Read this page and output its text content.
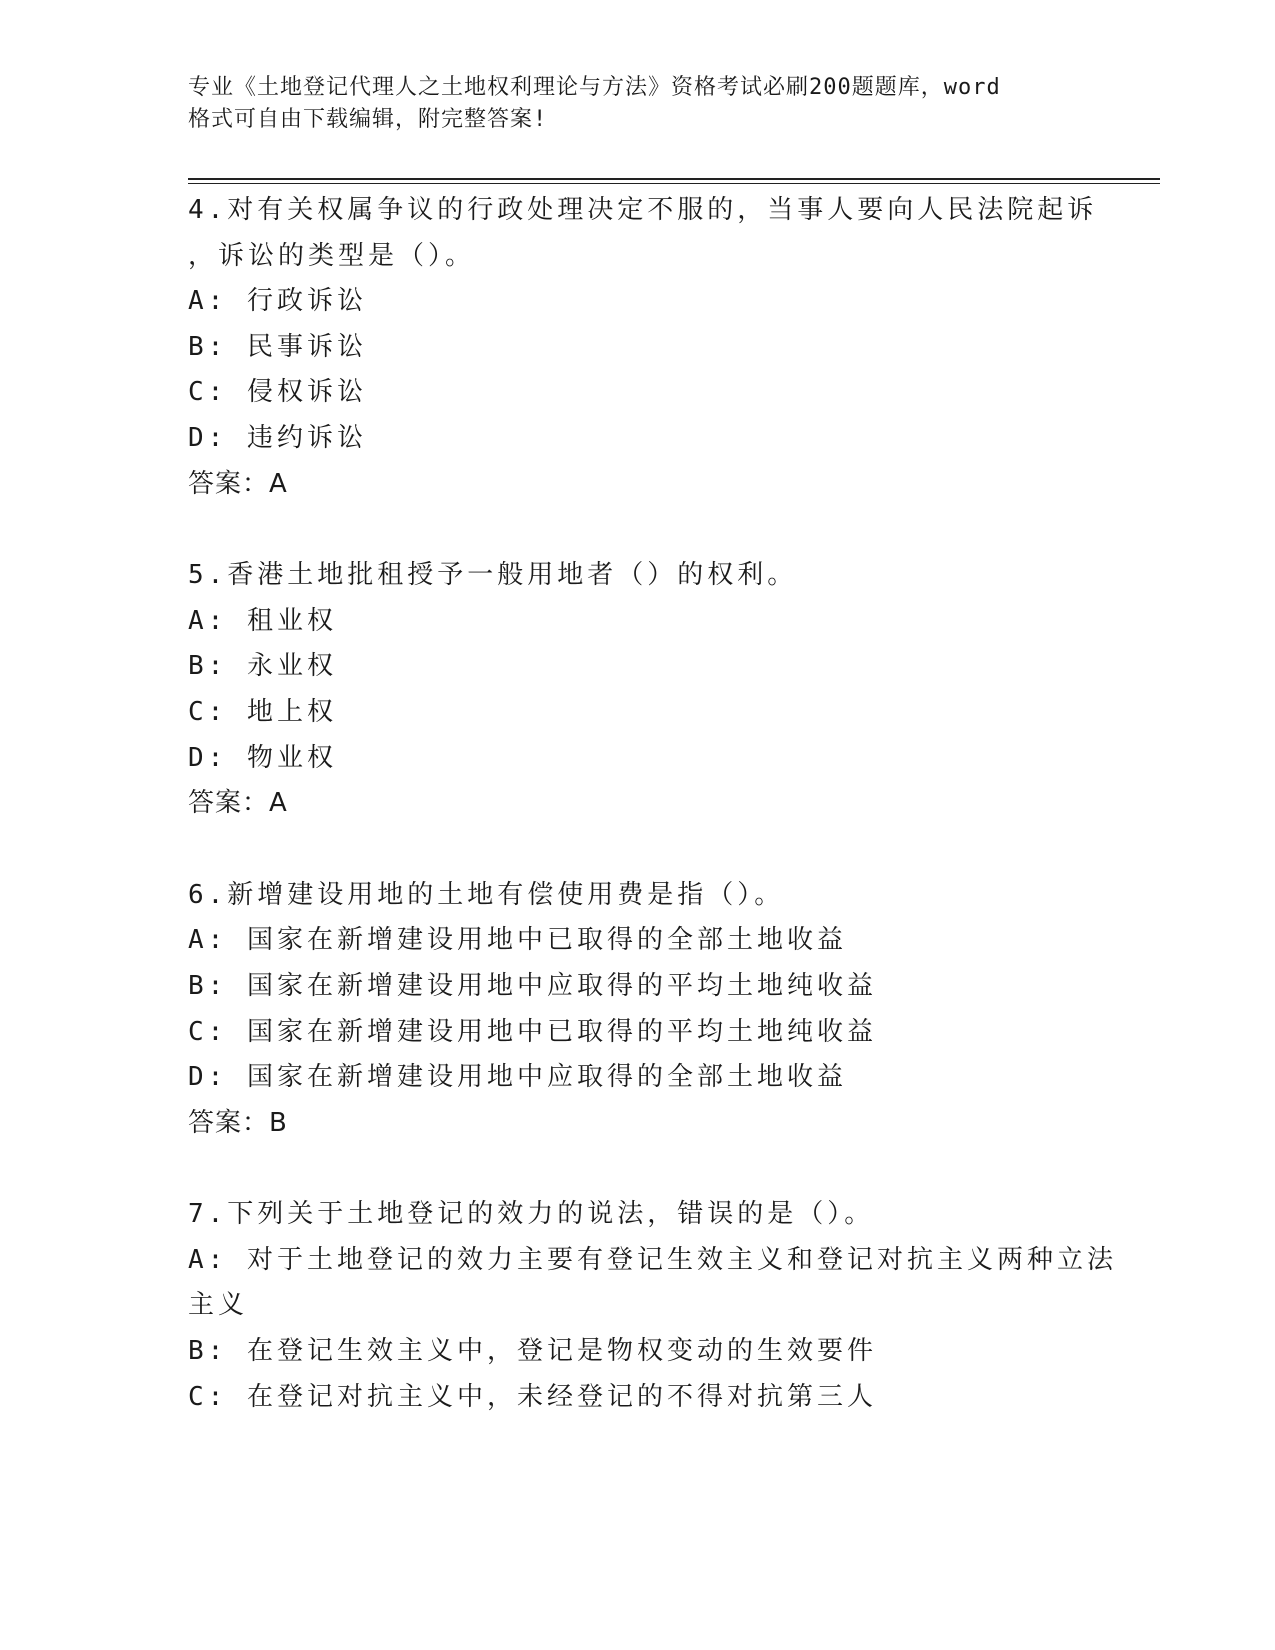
专业《土地登记代理人之土地权利理论与方法》资格考试必刷200题题库，word
格式可自由下载编辑，附完整答案!
4.对有关权属争议的行政处理决定不服的，当事人要向人民法院起诉
，诉讼的类型是（）。
A: 行政诉讼
B: 民事诉讼
C: 侵权诉讼
D: 违约诉讼
答案：A
5.香港土地批租授予一般用地者（）的权利。
A: 租业权
B: 永业权
C: 地上权
D: 物业权
答案：A
6.新增建设用地的土地有偿使用费是指（）。
A: 国家在新增建设用地中已取得的全部土地收益
B: 国家在新增建设用地中应取得的平均土地纯收益
C: 国家在新增建设用地中已取得的平均土地纯收益
D: 国家在新增建设用地中应取得的全部土地收益
答案：B
7.下列关于土地登记的效力的说法，错误的是（）。
A: 对于土地登记的效力主要有登记生效主义和登记对抗主义两种立法
主义
B: 在登记生效主义中，登记是物权变动的生效要件
C: 在登记对抗主义中，未经登记的不得对抗第三人
